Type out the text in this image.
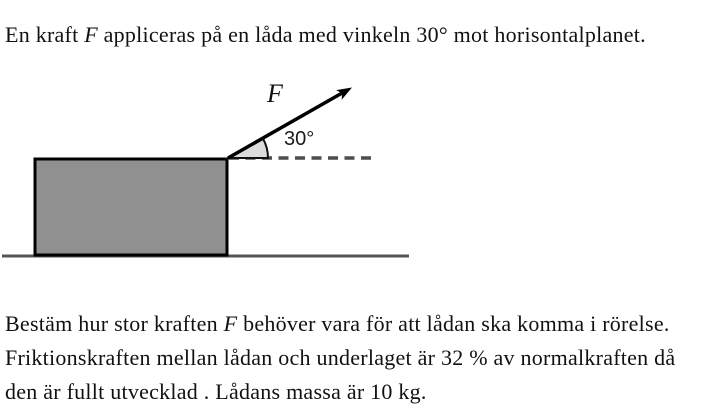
En kraft F appliceras på en låda med vinkeln 30° mot horisontalplanet.
F
30°
Bestäm hur stor kraften F behöver vara för att lådan ska komma i rörelse.
Friktionskraften mellan lådan och underlaget är 32 % av normalkraften då
den är fullt utvecklad . Lådans massa är 10 kg.
